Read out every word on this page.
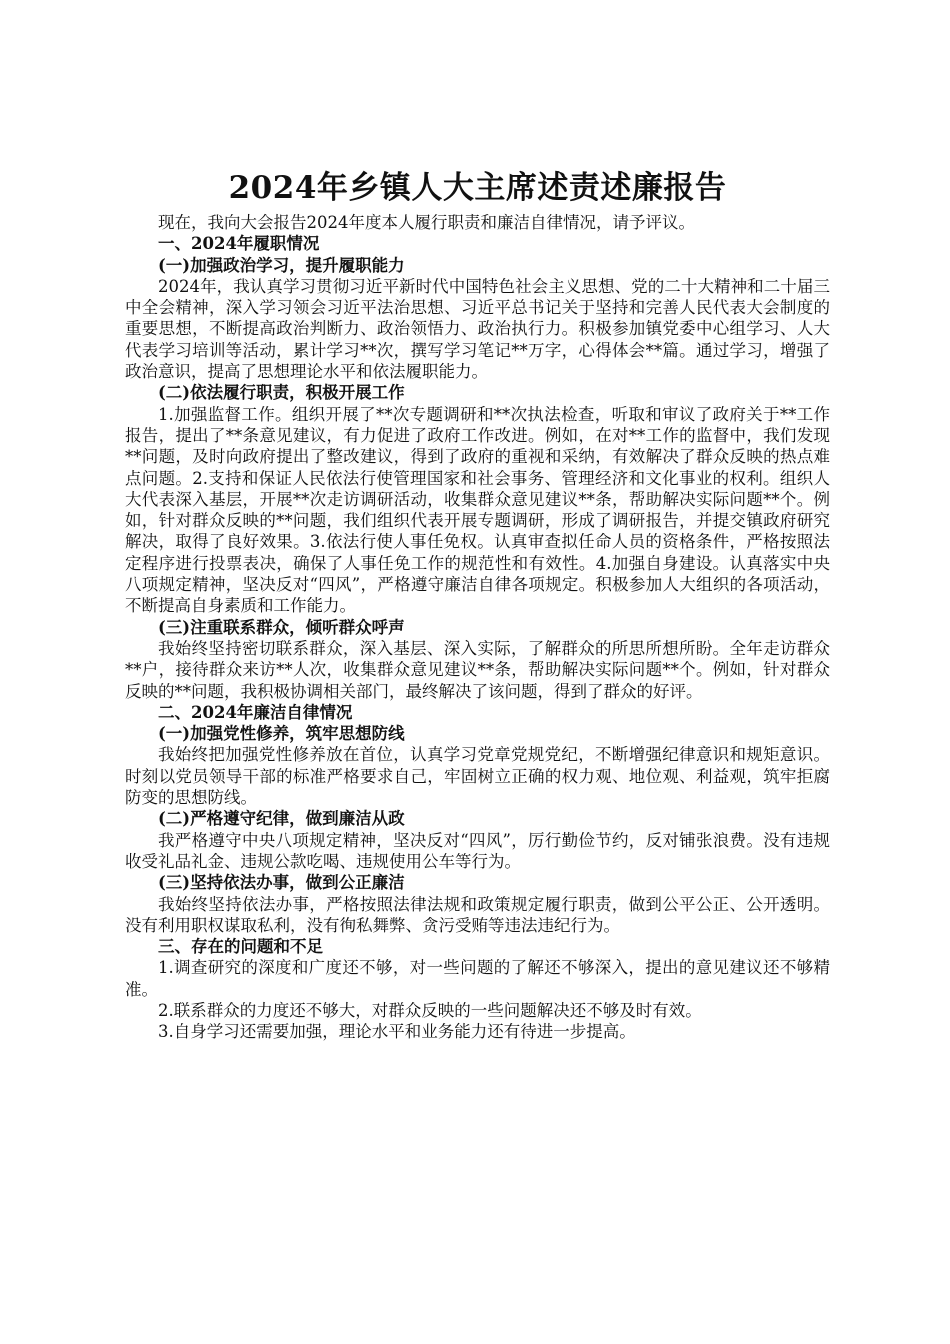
2024年乡镇人大主席述责述廉报告

现在，我向大会报告2024年度本人履行职责和廉洁自律情况，请予评议。

一、2024年履职情况

(一)加强政治学习，提升履职能力

2024年，我认真学习贯彻习近平新时代中国特色社会主义思想、党的二十大精神和二十届三中全会精神，深入学习领会习近平法治思想、习近平总书记关于坚持和完善人民代表大会制度的重要思想，不断提高政治判断力、政治领悟力、政治执行力。积极参加镇党委中心组学习、人大代表学习培训等活动，累计学习**次，撰写学习笔记**万字，心得体会**篇。通过学习，增强了政治意识，提高了思想理论水平和依法履职能力。

(二)依法履行职责，积极开展工作

1.加强监督工作。组织开展了**次专题调研和**次执法检查，听取和审议了政府关于**工作报告，提出了**条意见建议，有力促进了政府工作改进。例如，在对**工作的监督中，我们发现**问题，及时向政府提出了整改建议，得到了政府的重视和采纳，有效解决了群众反映的热点难点问题。2.支持和保证人民依法行使管理国家和社会事务、管理经济和文化事业的权利。组织人大代表深入基层，开展**次走访调研活动，收集群众意见建议**条，帮助解决实际问题**个。例如，针对群众反映的**问题，我们组织代表开展专题调研，形成了调研报告，并提交镇政府研究解决，取得了良好效果。3.依法行使人事任免权。认真审查拟任命人员的资格条件，严格按照法定程序进行投票表决，确保了人事任免工作的规范性和有效性。4.加强自身建设。认真落实中央八项规定精神，坚决反对“四风”，严格遵守廉洁自律各项规定。积极参加人大组织的各项活动，不断提高自身素质和工作能力。

(三)注重联系群众，倾听群众呼声

我始终坚持密切联系群众，深入基层、深入实际，了解群众的所思所想所盼。全年走访群众**户，接待群众来访**人次，收集群众意见建议**条，帮助解决实际问题**个。例如，针对群众反映的**问题，我积极协调相关部门，最终解决了该问题，得到了群众的好评。

二、2024年廉洁自律情况

(一)加强党性修养，筑牢思想防线

我始终把加强党性修养放在首位，认真学习党章党规党纪，不断增强纪律意识和规矩意识。时刻以党员领导干部的标准严格要求自己，牢固树立正确的权力观、地位观、利益观，筑牢拒腐防变的思想防线。

(二)严格遵守纪律，做到廉洁从政

我严格遵守中央八项规定精神，坚决反对“四风”，厉行勤俭节约，反对铺张浪费。没有违规收受礼品礼金、违规公款吃喝、违规使用公车等行为。

(三)坚持依法办事，做到公正廉洁

我始终坚持依法办事，严格按照法律法规和政策规定履行职责，做到公平公正、公开透明。没有利用职权谋取私利，没有徇私舞弊、贪污受贿等违法违纪行为。

三、存在的问题和不足

1.调查研究的深度和广度还不够，对一些问题的了解还不够深入，提出的意见建议还不够精准。

2.联系群众的力度还不够大，对群众反映的一些问题解决还不够及时有效。

3.自身学习还需要加强，理论水平和业务能力还有待进一步提高。
